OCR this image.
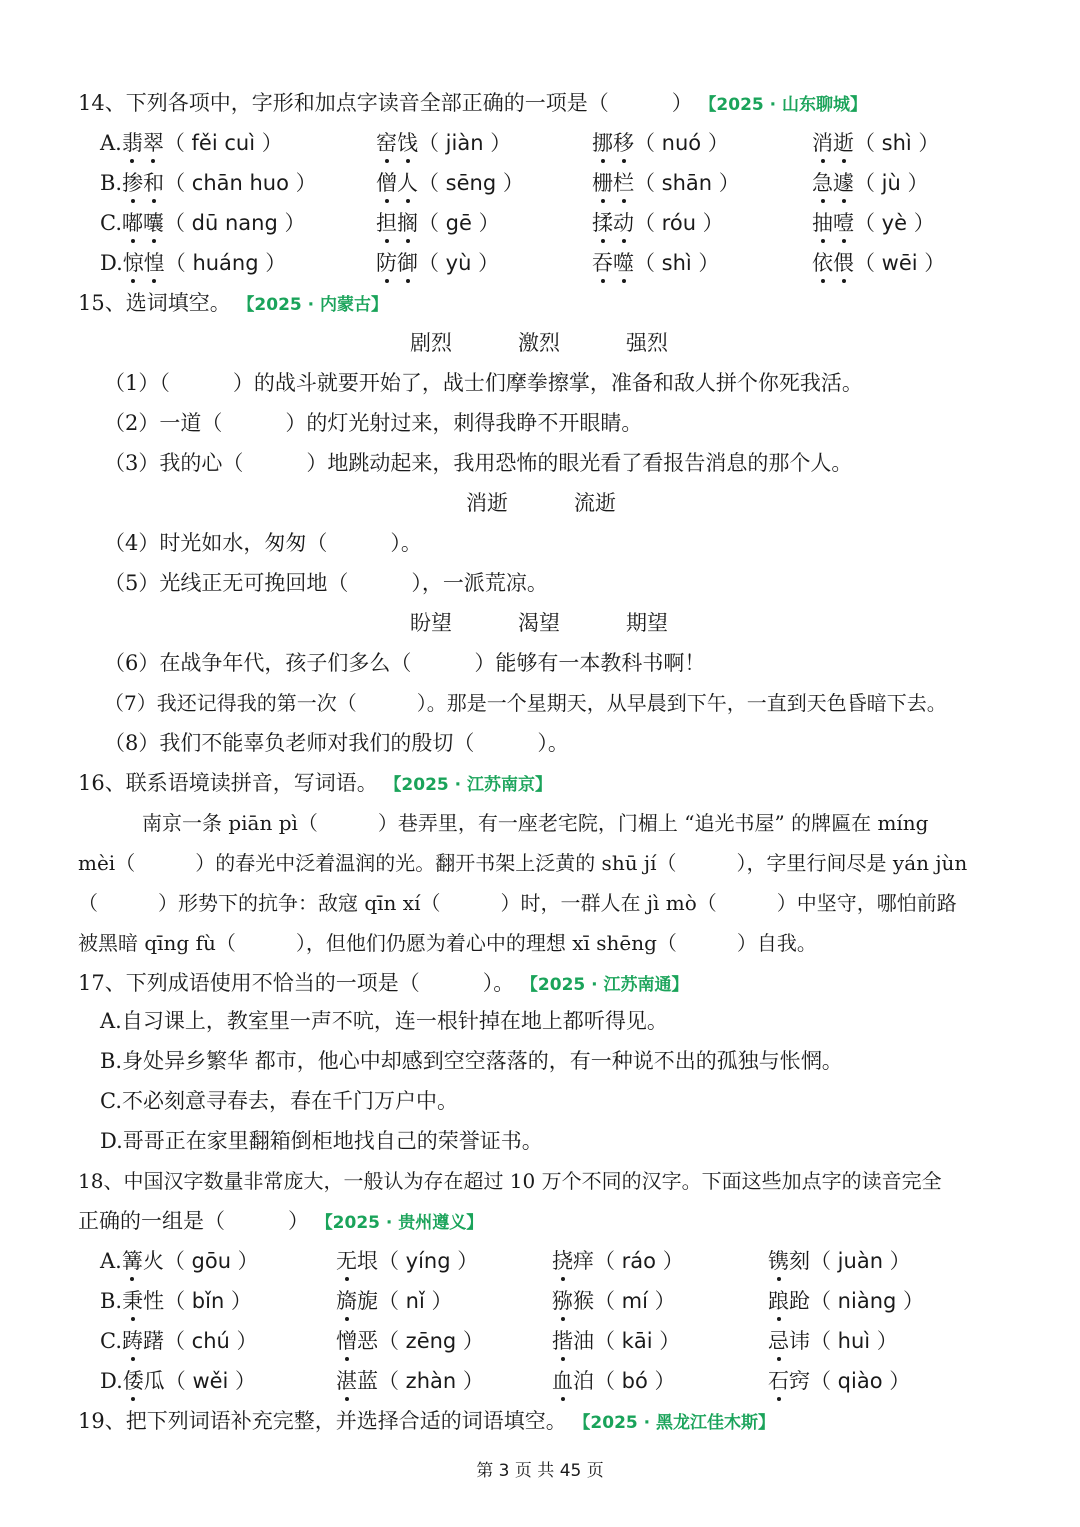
14、下列各项中，字形和加点字读音全部正确的一项是（　　　） 【2025 · 山东聊城】
A.翡翠（ fěi cuì ）	窑饯（ jiàn ）	挪移（ nuó ）	消逝（ shì ）
B.掺和（ chān huo ）	僧人（ sēng ）	栅栏（ shān ）	急遽（ jù ）
C.嘟囔（ dū nang ）	担搁（ gē ）	揉动（ róu ）	抽噎（ yè ）
D.惊惶（ huáng ）	防御（ yù ）	吞噬（ shì ）	依偎（ wēi ）
15、选词填空。 【2025 · 内蒙古】
剧烈	激烈	强烈
（1）（　　　）的战斗就要开始了，战士们摩拳擦掌，准备和敌人拼个你死我活。
（2）一道（　　　）的灯光射过来，刺得我睁不开眼睛。
（3）我的心（　　　）地跳动起来，我用恐怖的眼光看了看报告消息的那个人。
消逝	流逝
（4）时光如水，匆匆（　　　）。
（5）光线正无可挽回地（　　　），一派荒凉。
盼望	渴望	期望
（6）在战争年代，孩子们多么（　　　）能够有一本教科书啊！
（7）我还记得我的第一次（　　　）。那是一个星期天，从早晨到下午，一直到天色昏暗下去。
（8）我们不能辜负老师对我们的殷切（　　　）。
16、联系语境读拼音，写词语。 【2025 · 江苏南京】
南京一条 piān pì（　　　）巷弄里，有一座老宅院，门楣上 “追光书屋” 的牌匾在 míng
mèi（　　　）的春光中泛着温润的光。翻开书架上泛黄的 shū jí（　　　），字里行间尽是 yán jùn
（　　　）形势下的抗争：敌寇 qīn xí（　　　）时，一群人在 jì mò（　　　）中坚守，哪怕前路
被黑暗 qīng fù（　　　），但他们仍愿为着心中的理想 xī shēng（　　　）自我。
17、下列成语使用不恰当的一项是（　　　）。 【2025 · 江苏南通】
A.自习课上，教室里一声不吭，连一根针掉在地上都听得见。
B.身处异乡繁华 都市，他心中却感到空空落落的，有一种说不出的孤独与怅惘。
C.不必刻意寻春去，春在千门万户中。
D.哥哥正在家里翻箱倒柜地找自己的荣誉证书。
18、中国汉字数量非常庞大，一般认为存在超过 10 万个不同的汉字。下面这些加点字的读音完全
正确的一组是（　　　） 【2025 · 贵州遵义】
A.篝火（ gōu ）	无垠（ yíng ）	挠痒（ ráo ）	镌刻（ juàn ）
B.秉性（ bǐn ）	旖旎（ nǐ ）	猕猴（ mí ）	踉跄（ niàng ）
C.踌躇（ chú ）	憎恶（ zēng ）	揩油（ kāi ）	忌讳（ huì ）
D.倭瓜（ wěi ）	湛蓝（ zhàn ）	血泊（ bó ）	石窍（ qiào ）
19、把下列词语补充完整，并选择合适的词语填空。 【2025 · 黑龙江佳木斯】
第 3 页 共 45 页
